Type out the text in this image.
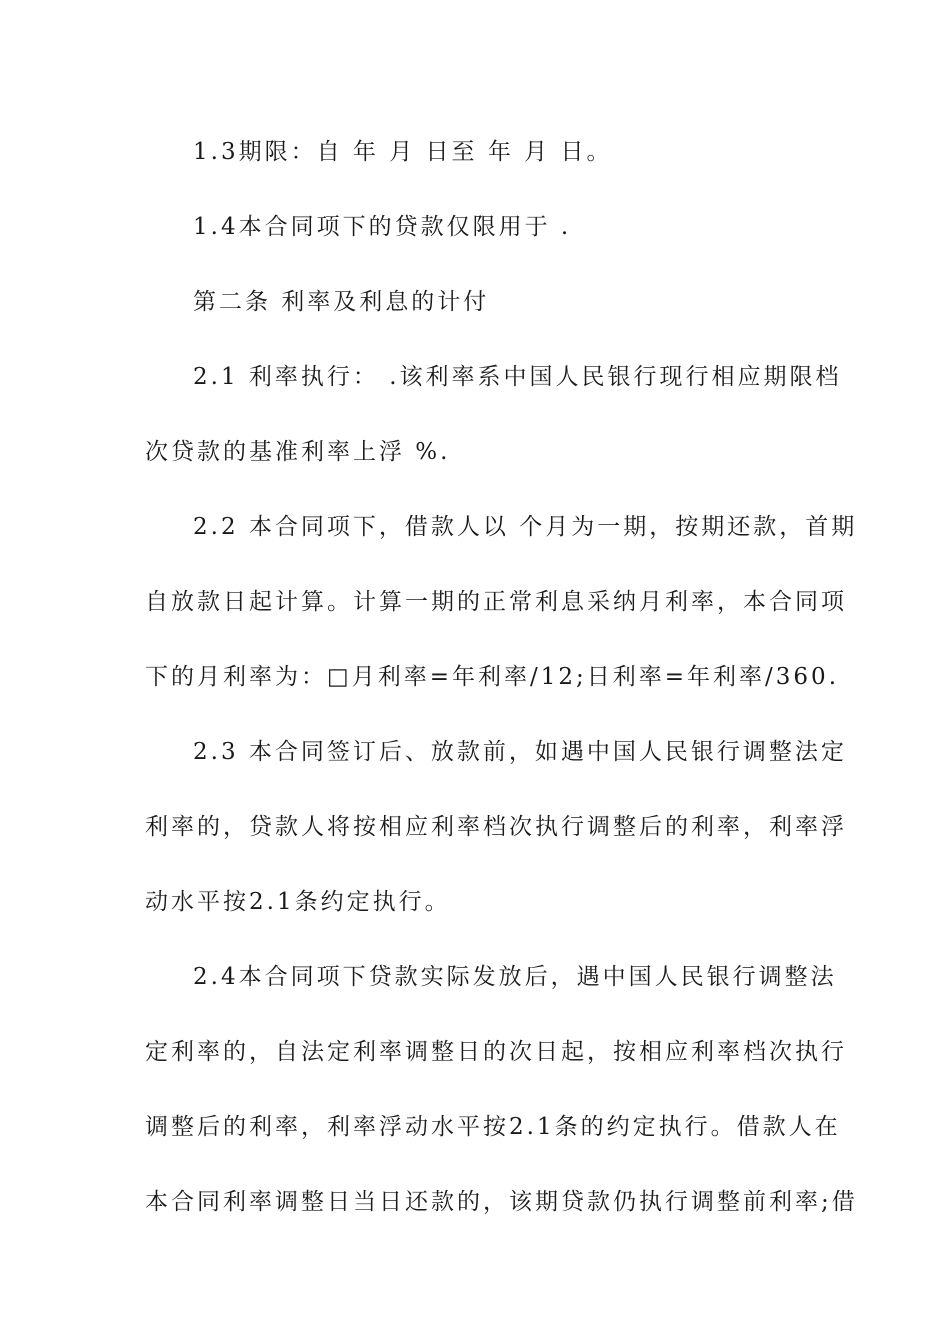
1.3期限：自 年 月 日至 年 月 日。
1.4本合同项下的贷款仅限用于 .
第二条 利率及利息的计付
2.1 利率执行： .该利率系中国人民银行现行相应期限档
次贷款的基准利率上浮 %.
2.2 本合同项下，借款人以 个月为一期，按期还款，首期
自放款日起计算。计算一期的正常利息采纳月利率，本合同项
下的月利率为：□月利率=年利率/12;日利率=年利率/360.
2.3 本合同签订后、放款前，如遇中国人民银行调整法定
利率的，贷款人将按相应利率档次执行调整后的利率，利率浮
动水平按2.1条约定执行。
2.4本合同项下贷款实际发放后，遇中国人民银行调整法
定利率的，自法定利率调整日的次日起，按相应利率档次执行
调整后的利率，利率浮动水平按2.1条的约定执行。借款人在
本合同利率调整日当日还款的，该期贷款仍执行调整前利率;借
